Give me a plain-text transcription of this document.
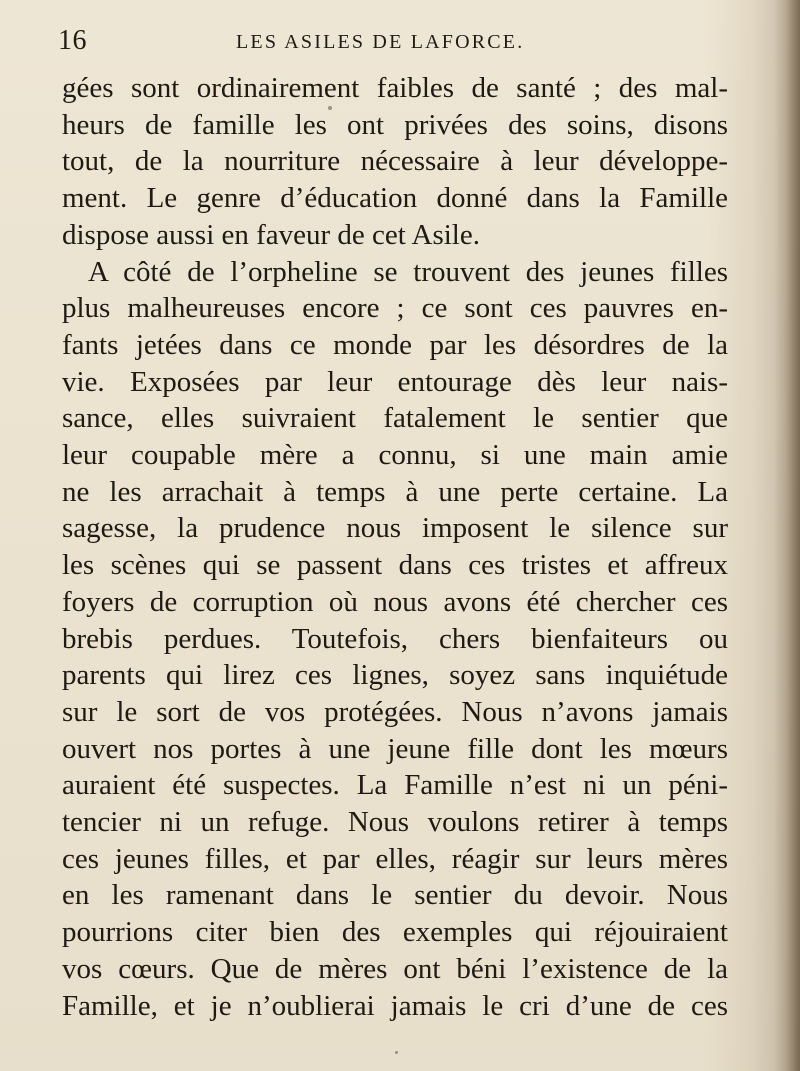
16	LES ASILES DE LAFORCE.
gées sont ordinairement faibles de santé ; des mal-
heurs de famille les ont privées des soins, disons
tout, de la nourriture nécessaire à leur développe-
ment. Le genre d’éducation donné dans la Famille
dispose aussi en faveur de cet Asile.
A côté de l’orpheline se trouvent des jeunes filles
plus malheureuses encore ; ce sont ces pauvres en-
fants jetées dans ce monde par les désordres de la
vie. Exposées par leur entourage dès leur nais-
sance, elles suivraient fatalement le sentier que
leur coupable mère a connu, si une main amie
ne les arrachait à temps à une perte certaine. La
sagesse, la prudence nous imposent le silence sur
les scènes qui se passent dans ces tristes et affreux
foyers de corruption où nous avons été chercher ces
brebis perdues. Toutefois, chers bienfaiteurs ou
parents qui lirez ces lignes, soyez sans inquiétude
sur le sort de vos protégées. Nous n’avons jamais
ouvert nos portes à une jeune fille dont les mœurs
auraient été suspectes. La Famille n’est ni un péni-
tencier ni un refuge. Nous voulons retirer à temps
ces jeunes filles, et par elles, réagir sur leurs mères
en les ramenant dans le sentier du devoir. Nous
pourrions citer bien des exemples qui réjouiraient
vos cœurs. Que de mères ont béni l’existence de la
Famille, et je n’oublierai jamais le cri d’une de ces
